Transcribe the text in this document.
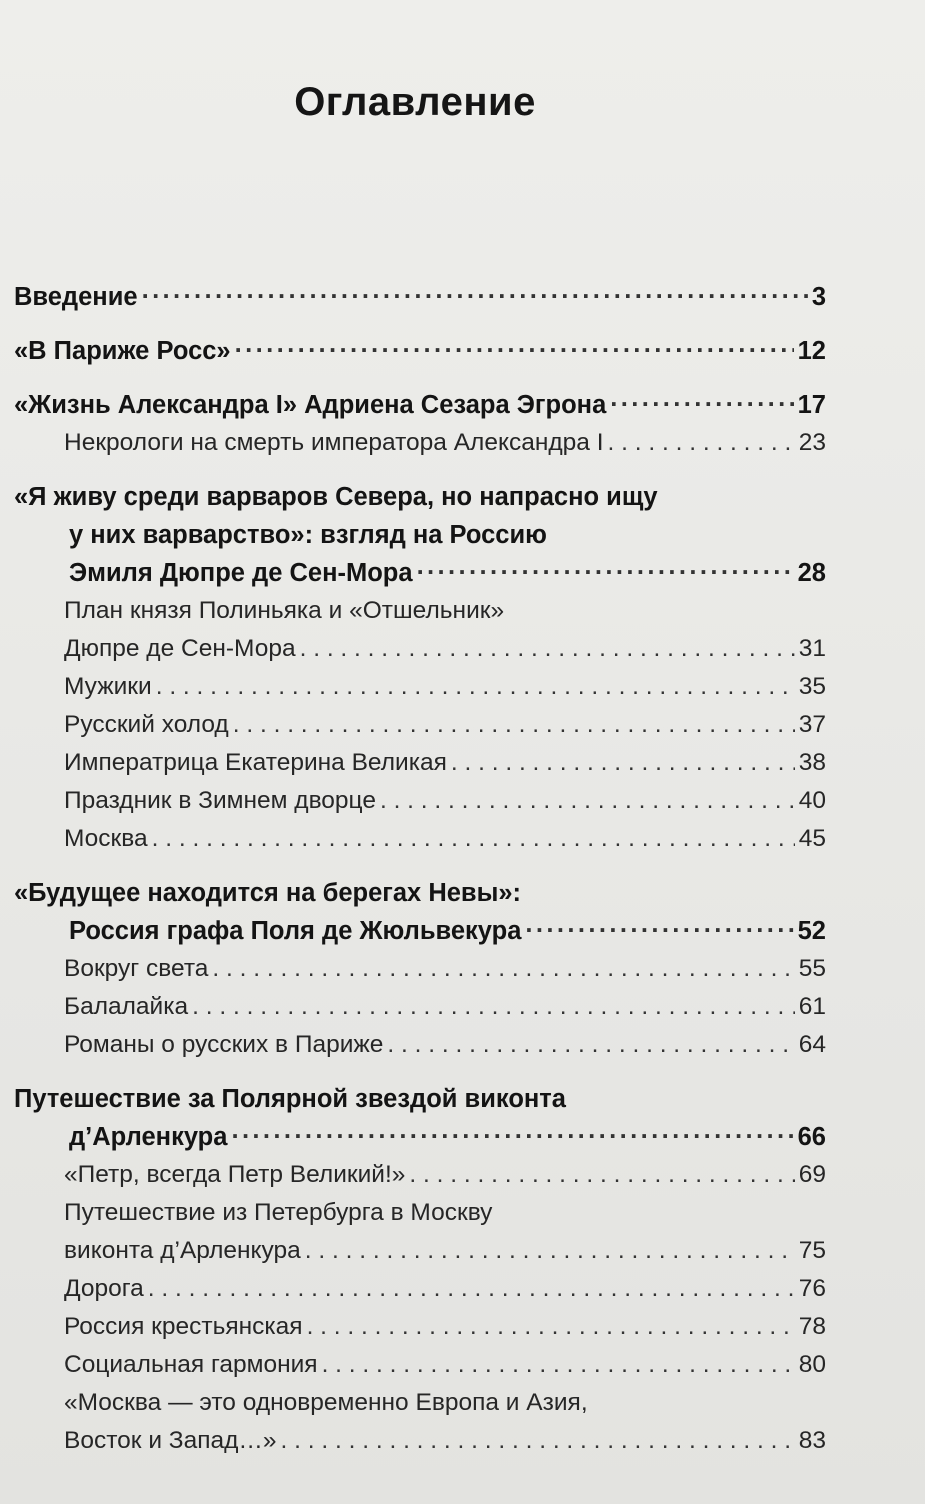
Оглавление
Введение ·····	3
«В Париже Росс» ·····	12
«Жизнь Александра I» Адриена Сезара Эгрона ·····	17
Некрологи на смерть императора Александра I . . .	23
«Я живу среди варваров Севера, но напрасно ищу
у них варварство»: взгляд на Россию
Эмиля Дюпре де Сен-Мора ·····	28
План князя Полиньяка и «Отшельник»
Дюпре де Сен-Мора . . .	31
Мужики . . .	35
Русский холод . . .	37
Императрица Екатерина Великая . . .	38
Праздник в Зимнем дворце . . .	40
Москва . . .	45
«Будущее находится на берегах Невы»:
Россия графа Поля де Жюльвекура ·····	52
Вокруг света . . .	55
Балалайка . . .	61
Романы о русских в Париже . . .	64
Путешествие за Полярной звездой виконта
д’Арленкура ·····	66
«Петр, всегда Петр Великий!» . . .	69
Путешествие из Петербурга в Москву
виконта д’Арленкура . . .	75
Дорога . . .	76
Россия крестьянская . . .	78
Социальная гармония . . .	80
«Москва — это одновременно Европа и Азия,
Восток и Запад…» . . .	83
